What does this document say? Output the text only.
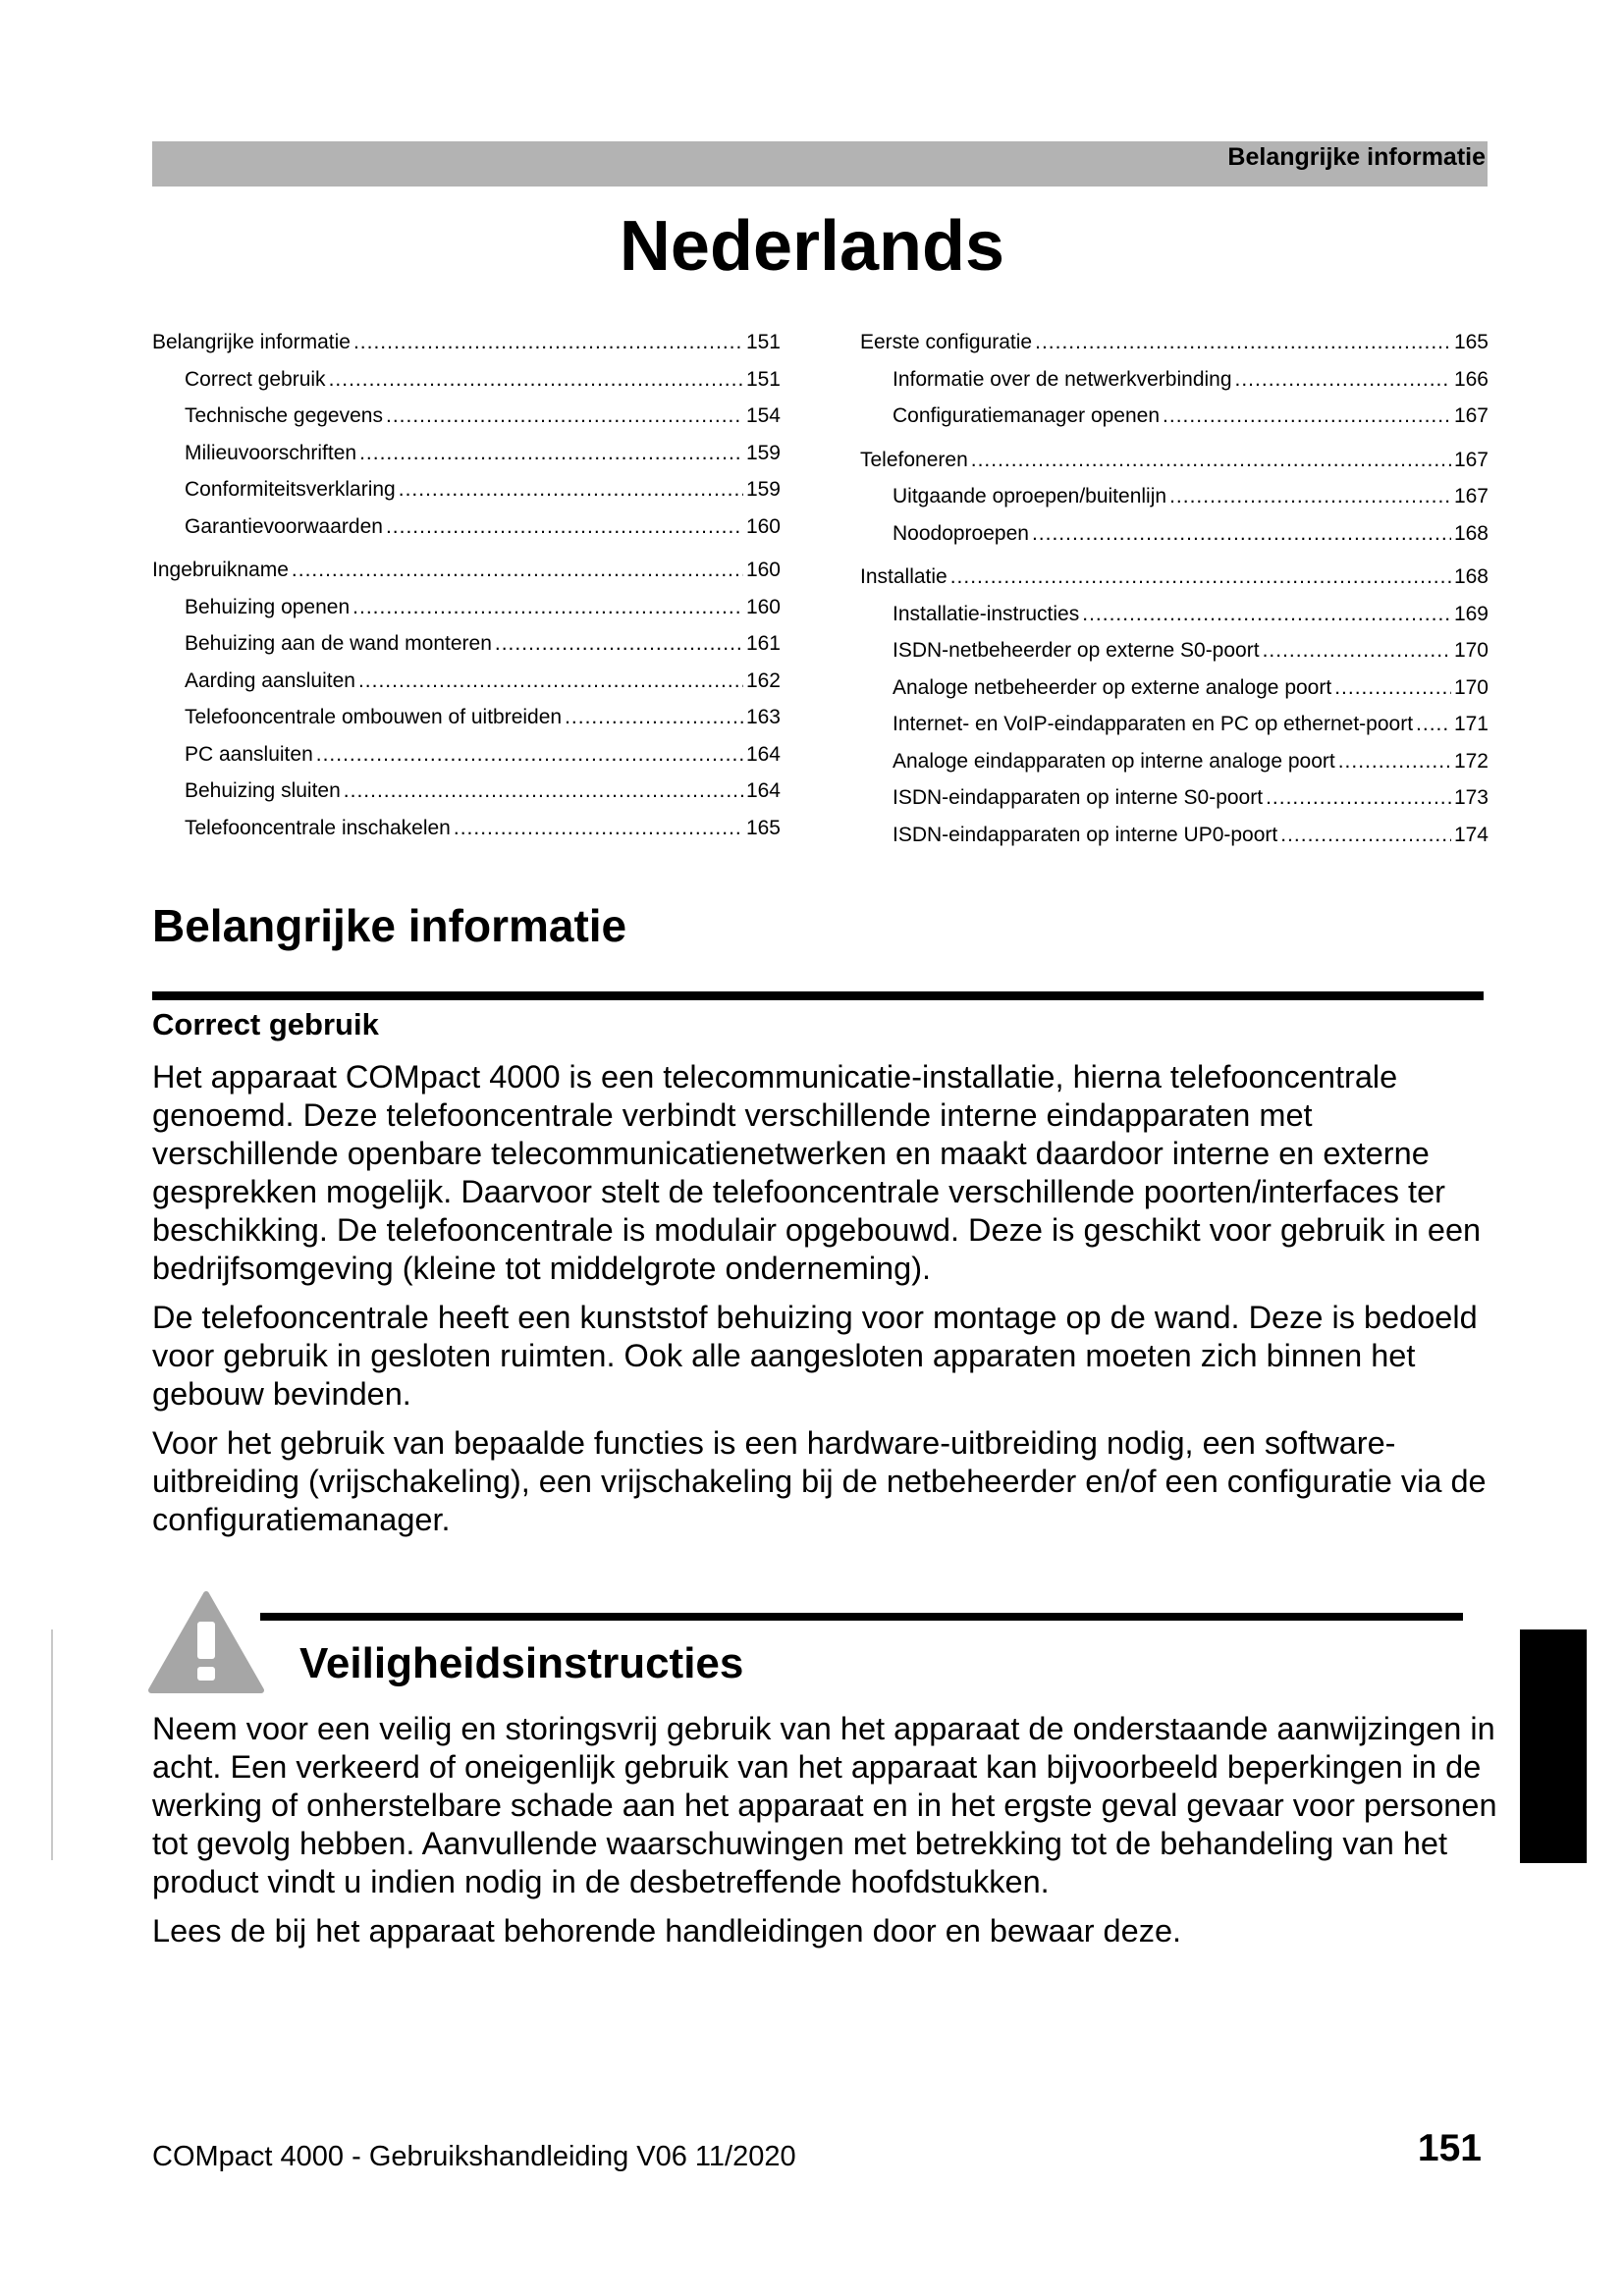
Belangrijke informatie
Nederlands
Belangrijke informatie .....	151
Correct gebruik .....	151
Technische gegevens .....	154
Milieuvoorschriften .....	159
Conformiteitsverklaring .....	159
Garantievoorwaarden .....	160
Ingebruikname .....	160
Behuizing openen .....	160
Behuizing aan de wand monteren .....	161
Aarding aansluiten .....	162
Telefooncentrale ombouwen of uitbreiden .....	163
PC aansluiten .....	164
Behuizing sluiten .....	164
Telefooncentrale inschakelen .....	165
Eerste configuratie .....	165
Informatie over de netwerkverbinding .....	166
Configuratiemanager openen .....	167
Telefoneren .....	167
Uitgaande oproepen/buitenlijn .....	167
Noodoproepen .....	168
Installatie .....	168
Installatie-instructies .....	169
ISDN-netbeheerder op externe S0-poort .....	170
Analoge netbeheerder op externe analoge poort .....	170
Internet- en VoIP-eindapparaten en PC op ethernet-poort ..... 171
Analoge eindapparaten op interne analoge poort .....	172
ISDN-eindapparaten op interne S0-poort .....	173
ISDN-eindapparaten op interne UP0-poort .....	174
Belangrijke informatie
Correct gebruik

Het apparaat COMpact 4000 is een telecommunicatie-installatie, hierna telefooncentrale genoemd. Deze telefooncentrale verbindt verschillende interne eindapparaten met verschillende openbare telecommunicatienetwerken en maakt daardoor interne en externe gesprekken mogelijk. Daarvoor stelt de telefooncentrale verschillende poorten/interfaces ter beschikking. De telefooncentrale is modulair opgebouwd. Deze is geschikt voor gebruik in een bedrijfsomgeving (kleine tot middelgrote onderneming).

De telefooncentrale heeft een kunststof behuizing voor montage op de wand. Deze is bedoeld voor gebruik in gesloten ruimten. Ook alle aangesloten apparaten moeten zich binnen het gebouw bevinden.

Voor het gebruik van bepaalde functies is een hardware-uitbreiding nodig, een software-uitbreiding (vrijschakeling), een vrijschakeling bij de netbeheerder en/of een configuratie via de configuratiemanager.

Veiligheidsinstructies

Neem voor een veilig en storingsvrij gebruik van het apparaat de onderstaande aanwijzingen in acht. Een verkeerd of oneigenlijk gebruik van het apparaat kan bijvoorbeeld beperkingen in de werking of onherstelbare schade aan het apparaat en in het ergste geval gevaar voor personen tot gevolg hebben. Aanvullende waarschuwingen met betrekking tot de behandeling van het product vindt u indien nodig in de desbetreffende hoofdstukken.

Lees de bij het apparaat behorende handleidingen door en bewaar deze.

COMpact 4000 - Gebruikshandleiding V06 11/2020	151
